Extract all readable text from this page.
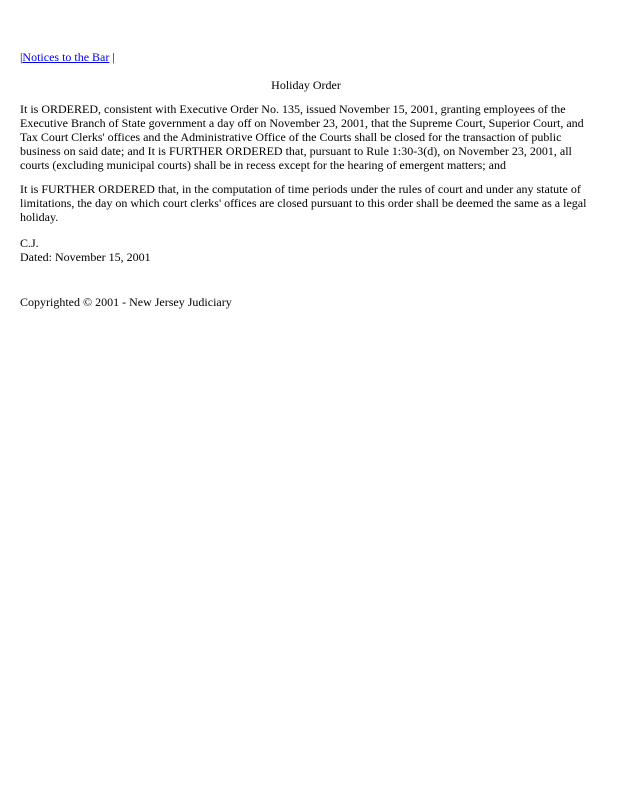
|Notices to the Bar |
Holiday Order

It is ORDERED, consistent with Executive Order No. 135, issued November 15, 2001, granting employees of the Executive Branch of State government a day off on November 23, 2001, that the Supreme Court, Superior Court, and Tax Court Clerks' offices and the Administrative Office of the Courts shall be closed for the transaction of public business on said date; and It is FURTHER ORDERED that, pursuant to Rule 1:30-3(d), on November 23, 2001, all courts (excluding municipal courts) shall be in recess except for the hearing of emergent matters; and

It is FURTHER ORDERED that, in the computation of time periods under the rules of court and under any statute of limitations, the day on which court clerks' offices are closed pursuant to this order shall be deemed the same as a legal holiday.

C.J.
Dated: November 15, 2001
Copyrighted © 2001 - New Jersey Judiciary
